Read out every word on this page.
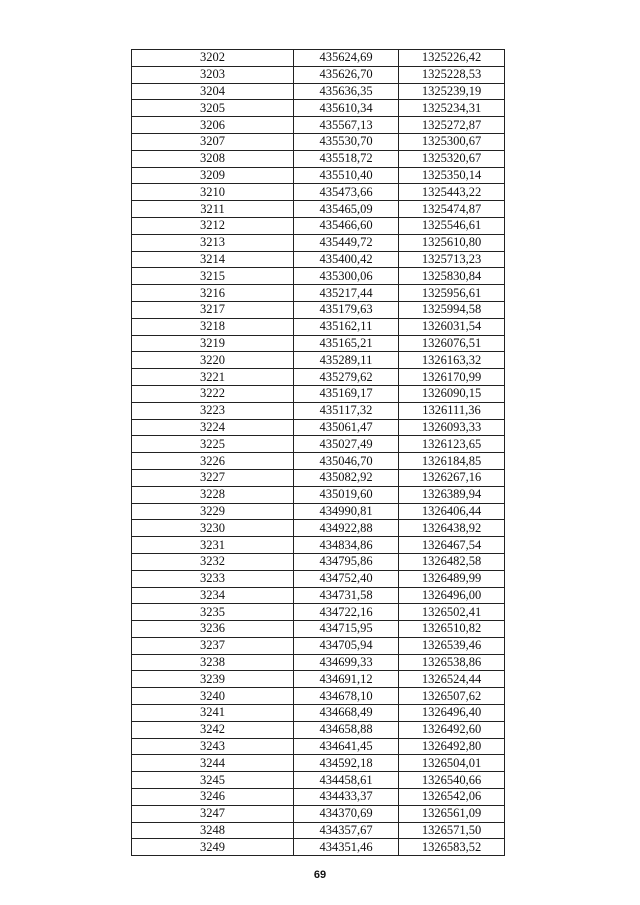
3202	435624,69	1325226,42
3203	435626,70	1325228,53
3204	435636,35	1325239,19
3205	435610,34	1325234,31
3206	435567,13	1325272,87
3207	435530,70	1325300,67
3208	435518,72	1325320,67
3209	435510,40	1325350,14
3210	435473,66	1325443,22
3211	435465,09	1325474,87
3212	435466,60	1325546,61
3213	435449,72	1325610,80
3214	435400,42	1325713,23
3215	435300,06	1325830,84
3216	435217,44	1325956,61
3217	435179,63	1325994,58
3218	435162,11	1326031,54
3219	435165,21	1326076,51
3220	435289,11	1326163,32
3221	435279,62	1326170,99
3222	435169,17	1326090,15
3223	435117,32	1326111,36
3224	435061,47	1326093,33
3225	435027,49	1326123,65
3226	435046,70	1326184,85
3227	435082,92	1326267,16
3228	435019,60	1326389,94
3229	434990,81	1326406,44
3230	434922,88	1326438,92
3231	434834,86	1326467,54
3232	434795,86	1326482,58
3233	434752,40	1326489,99
3234	434731,58	1326496,00
3235	434722,16	1326502,41
3236	434715,95	1326510,82
3237	434705,94	1326539,46
3238	434699,33	1326538,86
3239	434691,12	1326524,44
3240	434678,10	1326507,62
3241	434668,49	1326496,40
3242	434658,88	1326492,60
3243	434641,45	1326492,80
3244	434592,18	1326504,01
3245	434458,61	1326540,66
3246	434433,37	1326542,06
3247	434370,69	1326561,09
3248	434357,67	1326571,50
3249	434351,46	1326583,52
69
